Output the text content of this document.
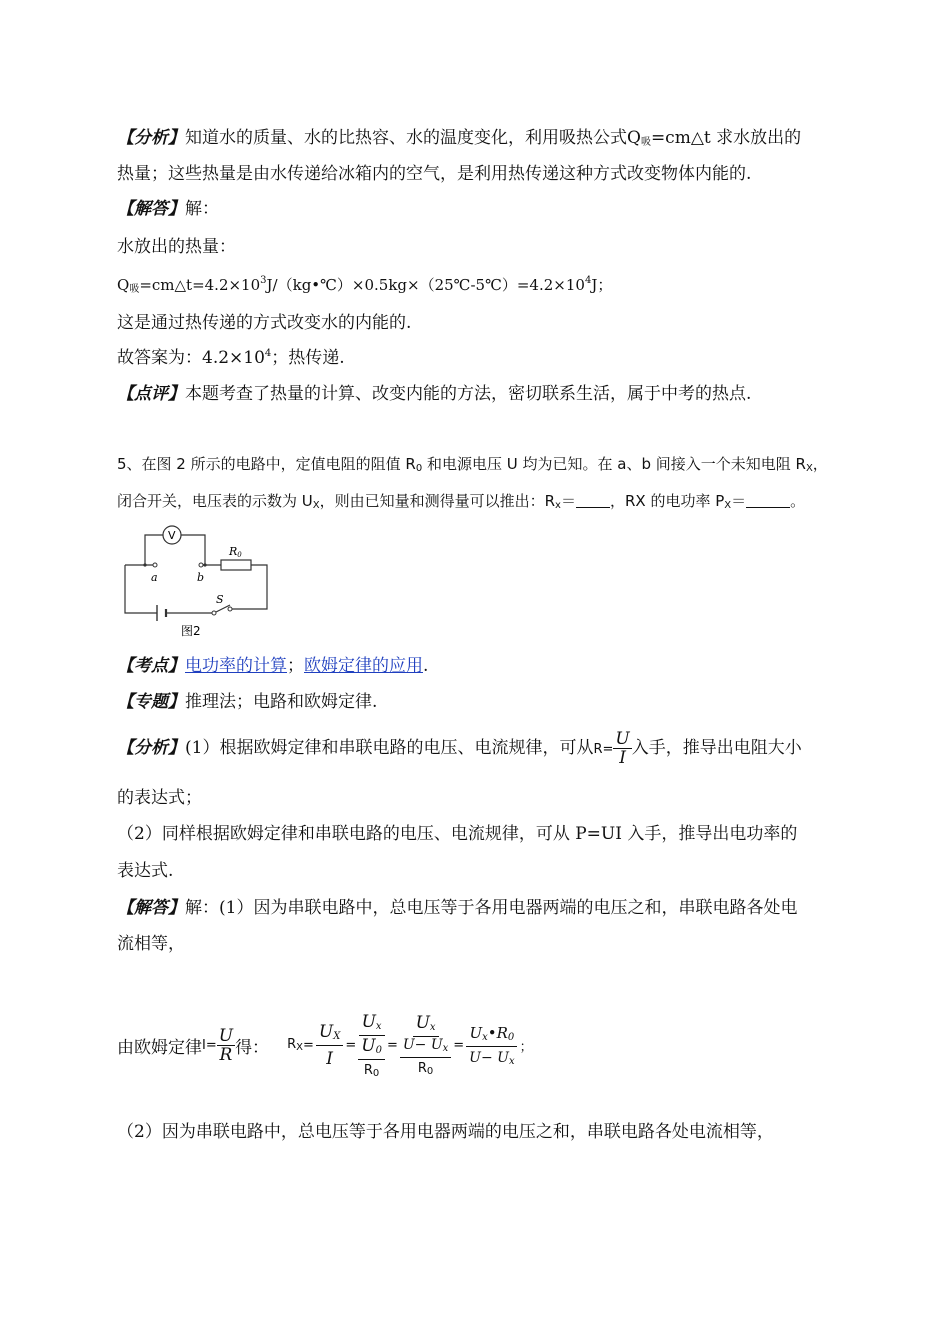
【分析】知道水的质量、水的比热容、水的温度变化，利用吸热公式$Q_吸=cm\triangle t$ 求水放出的
热量；这些热量是由水传递给冰箱内的空气，是利用热传递这种方式改变物体内能的.
【解答】解：
水放出的热量：
$Q_吸=cm\triangle t=4.2\times 10^3J/(kg•℃)\times 0.5kg\times(25℃-5℃)=4.2\times 10^4J$；
这是通过热传递的方式改变水的内能的.
故答案为：$4.2\times 10^4$；热传递.
【点评】本题考查了热量的计算、改变内能的方法，密切联系生活，属于中考的热点.
5、在图 2 所示的电路中，定值电阻的阻值 $R_0$ 和电源电压 U 均为已知。在 a、b 间接入一个未知电阻 $R_X$，
闭合开关，电压表的示数为 $U_X$，则由已知量和测得量可以推出：$R_x=$ ，RX 的电功率 $P_X=$	。
S
R0
a	b
V
图2
【考点】电功率的计算；欧姆定律的应用.
【专题】推理法；电路和欧姆定律.
【分析】(1）根据欧姆定律和串联电路的电压、电流规律，可从$R= \frac{U}{I}$ 入手，推导出电阻大小
的表达式；
（2）同样根据欧姆定律和串联电路的电压、电流规律，可从 P=UI 入手，推导出电功率的
表达式.
【解答】解：(1）因为串联电路中，总电压等于各用电器两端的电压之和，串联电路各处电
流相等，
由欧姆定律 $I= \frac{U}{R}$ 得： $R_X = \frac{U_X}{I}$ =
$U_x$
$U_0$
$R_0$
=
$U_x$
$U- U_x$
$R_0$
= $\frac{U_x•R_0}{U- U_x}$ ；
（2）因为串联电路中，总电压等于各用电器两端的电压之和，串联电路各处电流相等，
